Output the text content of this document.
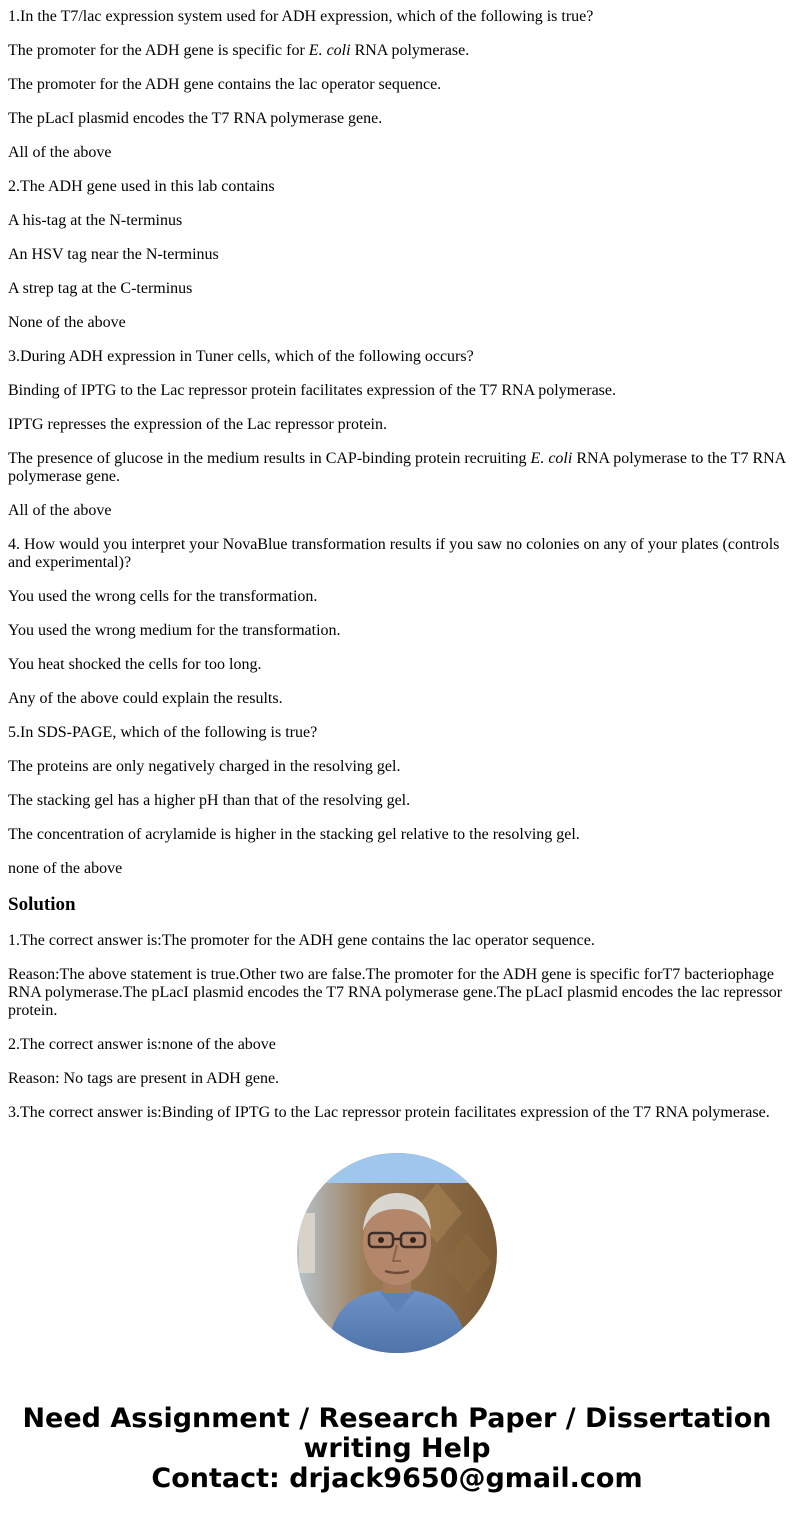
1.In the T7/lac expression system used for ADH expression, which of the following is true?

The promoter for the ADH gene is specific for E. coli RNA polymerase.

The promoter for the ADH gene contains the lac operator sequence.

The pLacI plasmid encodes the T7 RNA polymerase gene.

All of the above

2.The ADH gene used in this lab contains

A his-tag at the N-terminus

An HSV tag near the N-terminus

A strep tag at the C-terminus

None of the above

3.During ADH expression in Tuner cells, which of the following occurs?

Binding of IPTG to the Lac repressor protein facilitates expression of the T7 RNA polymerase.

IPTG represses the expression of the Lac repressor protein.

The presence of glucose in the medium results in CAP-binding protein recruiting E. coli RNA polymerase to the T7 RNA polymerase gene.

All of the above

4. How would you interpret your NovaBlue transformation results if you saw no colonies on any of your plates (controls and experimental)?

You used the wrong cells for the transformation.

You used the wrong medium for the transformation.

You heat shocked the cells for too long.

Any of the above could explain the results.

5.In SDS-PAGE, which of the following is true?

The proteins are only negatively charged in the resolving gel.

The stacking gel has a higher pH than that of the resolving gel.

The concentration of acrylamide is higher in the stacking gel relative to the resolving gel.

none of the above

Solution

1.The correct answer is:The promoter for the ADH gene contains the lac operator sequence.

Reason:The above statement is true.Other two are false.The promoter for the ADH gene is specific forT7 bacteriophage RNA polymerase.The pLacI plasmid encodes the T7 RNA polymerase gene.The pLacI plasmid encodes the lac repressor protein.

2.The correct answer is:none of the above

Reason: No tags are present in ADH gene.

3.The correct answer is:Binding of IPTG to the Lac repressor protein facilitates expression of the T7 RNA polymerase.

Need Assignment / Research Paper / Dissertation
writing Help
Contact: drjack9650@gmail.com
